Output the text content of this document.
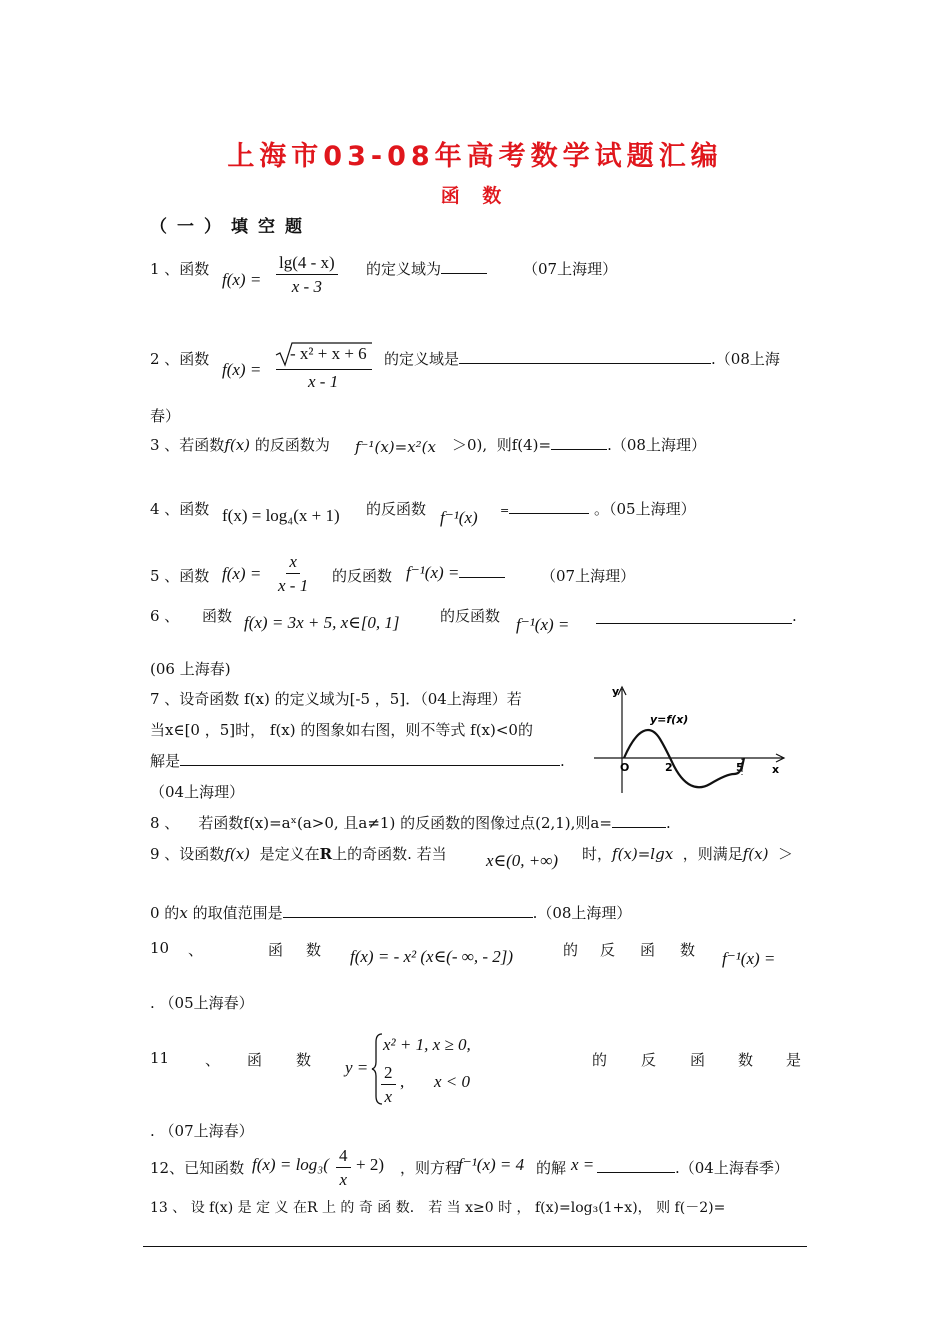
上海市03-08年高考数学试题汇编
函 数
（一）填空题
1 、函数
$f(x) = \frac{\lg(4 - x)}{x - 3}$ 的定义域为	（07上海理）
2 、函数
f(x) =
- x² + x + 6
x - 1
的定义域是	.（08上海
春）
3 、若函数f(x) 的反函数为 f⁻¹(x)=x²(x ＞0), 则f(4)=	.（08上海理）
4 、函数 f(x) = log₄(x + 1) 的反函数 f⁻¹(x) =	。（05上海理）
5 、函数 $f(x) = \frac{x}{x - 1}$ 的反函数 f⁻¹(x) =	（07上海理）
6 、 函数 f(x) = 3x + 5, x∈[0, 1]	的反函数 f⁻¹(x) =	.
(06 上海春)
7 、设奇函数 f(x) 的定义域为[-5 ，5]．（04上海理）若
当x∈[0 ，5]时， f(x) 的图象如右图，则不等式 f(x)<0的
解是	.
（04上海理）
y
x
O
y=f(x)
2	5
8 、 若函数f(x)=aˣ(a>0, 且a≠1) 的反函数的图像过点(2,1),则a=	.
9 、设函数f(x) 是定义在R上的奇函数. 若当 x∈(0, +∞) 时，f(x)=lgx ，则满足f(x) ＞
0 的x 的取值范围是	.（08上海理）
10 、	函 数 f(x) = - x² (x∈(- ∞, - 2])	的 反 函 数 f⁻¹(x) =
. （05上海春）
11 、 函 数 y =
x² + 1, x ≥ 0,
$\frac{2}{x}$ , x < 0
的 反 函 数 是
. （07上海春）
12、已知函数 $f(x) = \log_3( \frac{4}{x} + 2)$ ，则方程
f⁻¹(x) = 4 的解 x =	.（04上海春季）
13 、 设 f(x) 是 定 义 在R 上 的 奇 函 数． 若 当 x≥0 时 ， f(x)=log₃(1+x)， 则 f(－2)=
